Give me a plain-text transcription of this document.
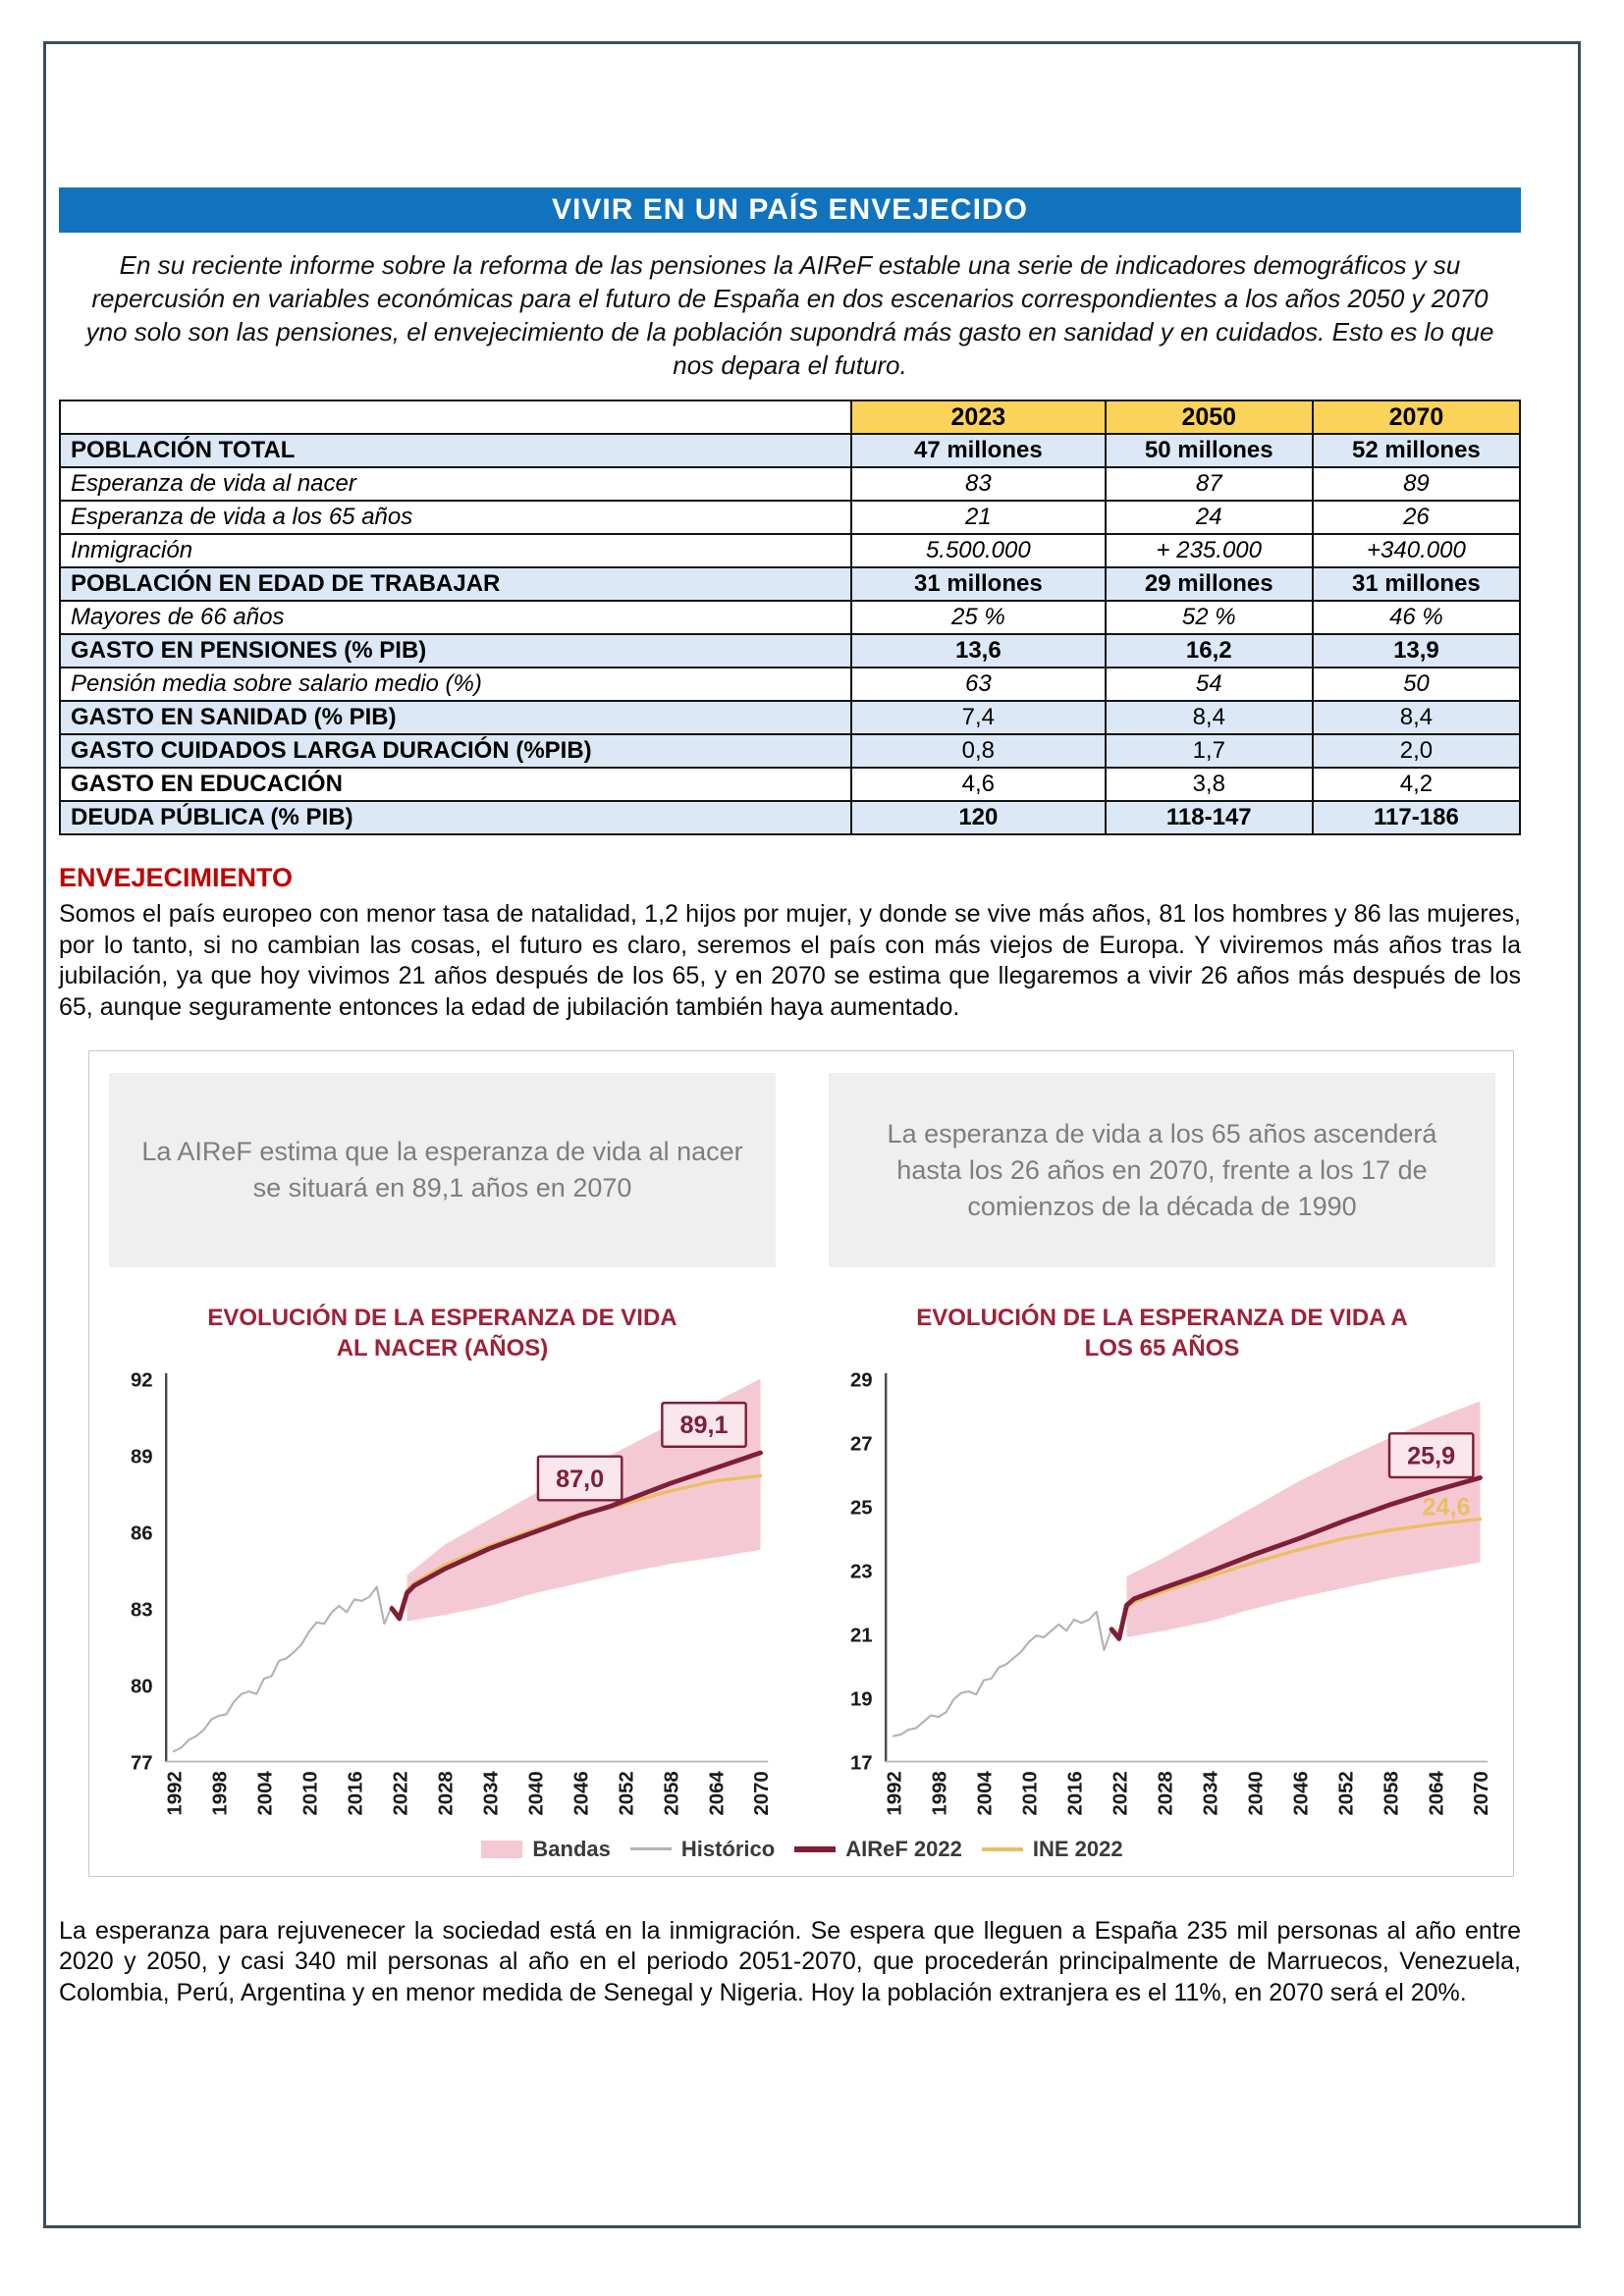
VIVIR EN UN PAÍS ENVEJECIDO

En su reciente informe sobre la reforma de las pensiones la AIReF estable una serie de indicadores demográficos y su repercusión en variables económicas para el futuro de España en dos escenarios correspondientes a los años 2050 y 2070 yno solo son las pensiones, el envejecimiento de la población supondrá más gasto en sanidad y en cuidados. Esto es lo que nos depara el futuro.

	2023	2050	2070
POBLACIÓN TOTAL	47 millones	50 millones	52 millones
Esperanza de vida al nacer	83	87	89
Esperanza de vida a los 65 años	21	24	26
Inmigración	5.500.000	+ 235.000	+340.000
POBLACIÓN EN EDAD DE TRABAJAR	31 millones	29 millones	31 millones
Mayores de 66 años	25 %	52 %	46 %
GASTO EN PENSIONES (% PIB)	13,6	16,2	13,9
Pensión media sobre salario medio (%)	63	54	50
GASTO EN SANIDAD (% PIB)	7,4	8,4	8,4
GASTO CUIDADOS LARGA DURACIÓN (%PIB)	0,8	1,7	2,0
GASTO EN EDUCACIÓN	4,6	3,8	4,2
DEUDA PÚBLICA (% PIB)	120	118-147	117-186
ENVEJECIMIENTO

Somos el país europeo con menor tasa de natalidad, 1,2 hijos por mujer, y donde se vive más años, 81 los hombres y 86 las mujeres, por lo tanto, si no cambian las cosas, el futuro es claro, seremos el país con más viejos de Europa. Y viviremos más años tras la jubilación, ya que hoy vivimos 21 años después de los 65, y en 2070 se estima que llegaremos a vivir 26 años más después de los 65, aunque seguramente entonces la edad de jubilación también haya aumentado.

La AIReF estima que la esperanza de vida al nacer se situará en 89,1 años en 2070
EVOLUCIÓN DE LA ESPERANZA DE VIDA
AL NACER (AÑOS)
77
80
83
86
89
92
1992 1998 2004 2010 2016 2022 2028 2034 2040 2046 2052 2058 2064 2070
87,0
89,1
La esperanza de vida a los 65 años ascenderá hasta los 26 años en 2070, frente a los 17 de comienzos de la década de 1990
EVOLUCIÓN DE LA ESPERANZA DE VIDA A
LOS 65 AÑOS
17
19
21
23
25
27
29
1992 1998 2004 2010 2016 2022 2028 2034 2040 2046 2052 2058 2064 2070
25,9
24,6
Bandas	Histórico	AIReF 2022	INE 2022

La esperanza para rejuvenecer la sociedad está en la inmigración. Se espera que lleguen a España 235 mil personas al año entre 2020 y 2050, y casi 340 mil personas al año en el periodo 2051-2070, que procederán principalmente de Marruecos, Venezuela, Colombia, Perú, Argentina y en menor medida de Senegal y Nigeria. Hoy la población extranjera es el 11%, en 2070 será el 20%.
